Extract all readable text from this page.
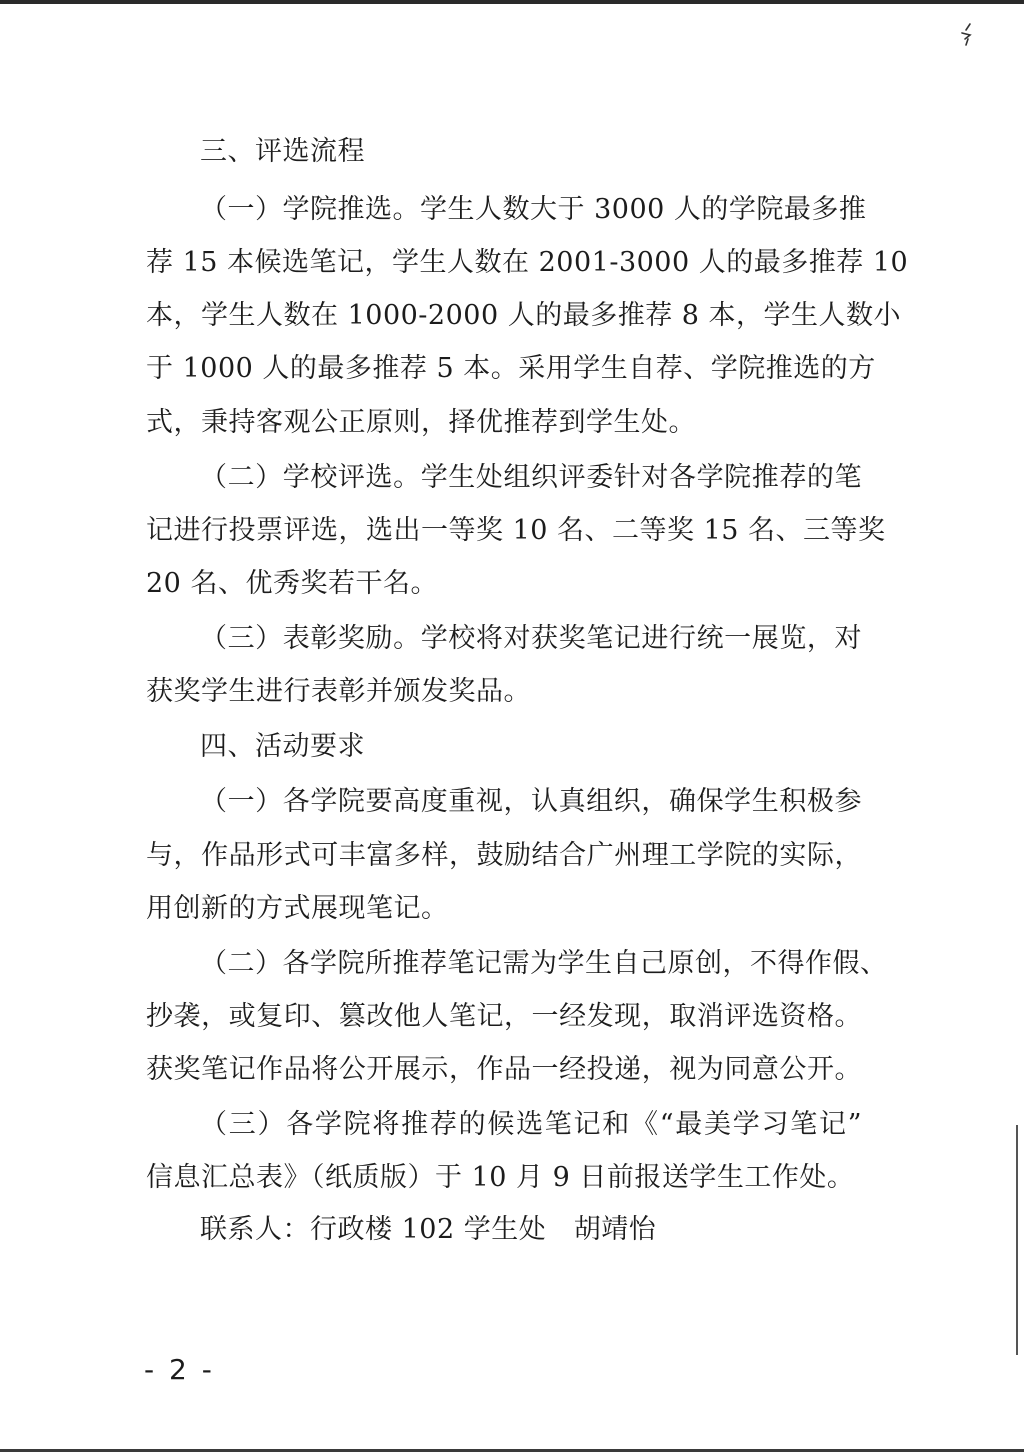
三、评选流程
（一）学院推选。学生人数大于 3000 人的学院最多推
荐 15 本候选笔记，学生人数在 2001-3000 人的最多推荐 10
本，学生人数在 1000-2000 人的最多推荐 8 本，学生人数小
于 1000 人的最多推荐 5 本。采用学生自荐、学院推选的方
式，秉持客观公正原则，择优推荐到学生处。
（二）学校评选。学生处组织评委针对各学院推荐的笔
记进行投票评选，选出一等奖 10 名、二等奖 15 名、三等奖
20 名、优秀奖若干名。
（三）表彰奖励。学校将对获奖笔记进行统一展览，对
获奖学生进行表彰并颁发奖品。
四、活动要求
（一）各学院要高度重视，认真组织，确保学生积极参
与，作品形式可丰富多样，鼓励结合广州理工学院的实际，
用创新的方式展现笔记。
（二）各学院所推荐笔记需为学生自己原创，不得作假、
抄袭，或复印、篡改他人笔记，一经发现，取消评选资格。
获奖笔记作品将公开展示，作品一经投递，视为同意公开。
（三）各学院将推荐的候选笔记和《“最美学习笔记”
信息汇总表》（纸质版）于 10 月 9 日前报送学生工作处。
联系人：行政楼 102 学生处　胡靖怡
- 2 -
